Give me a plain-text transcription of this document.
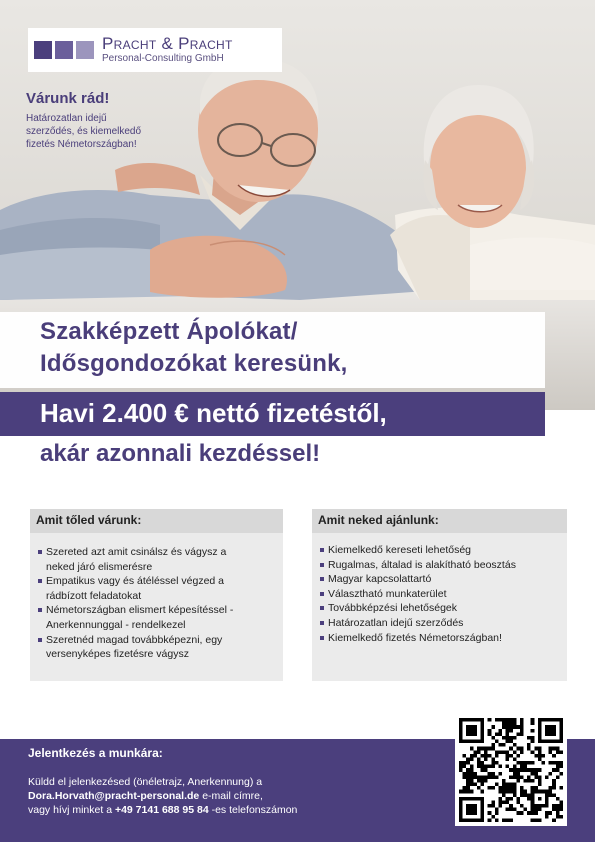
Pracht & Pracht
Personal-Consulting GmbH
Várunk rád!

Határozatlan idejű
szerződés, és kiemelkedő
fizetés Németországban!

Szakképzett Ápolókat/
Idősgondozókat keresünk,
Havi 2.400 € nettó fizetéstől,
akár azonnali kezdéssel!
Amit tőled várunk:
Szereted azt amit csinálsz és vágysz a
neked járó elismerésre
Empatikus vagy és átéléssel végzed a
rádbízott feladatokat
Németországban elismert képesítéssel -
Anerkennunggal - rendelkezel
Szeretnéd magad továbbképezni, egy
versenyképes fizetésre vágysz
Amit neked ajánlunk:
Kiemelkedő kereseti lehetőség
Rugalmas, általad is alakítható beosztás
Magyar kapcsolattartó
Választható munkaterület
Továbbképzési lehetőségek
Határozatlan idejű szerződés
Kiemelkedő fizetés Németországban!
Jelentkezés a munkára:

Küldd el jelenkezésed (önéletrajz, Anerkennung) a

Dora.Horvath@pracht-personal.de e-mail címre,

vagy hívj minket a +49 7141 688 95 84 -es telefonszámon
